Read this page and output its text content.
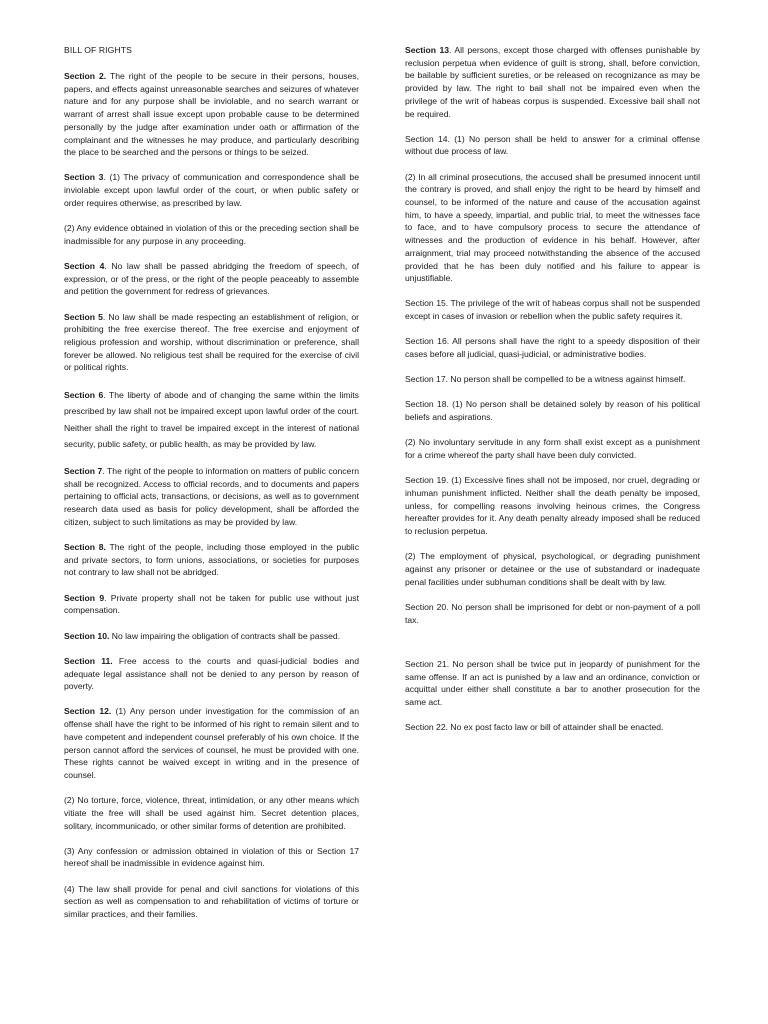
BILL OF RIGHTS

Section 2. The right of the people to be secure in their persons, houses, papers, and effects against unreasonable searches and seizures of whatever nature and for any purpose shall be inviolable, and no search warrant or warrant of arrest shall issue except upon probable cause to be determined personally by the judge after examination under oath or affirmation of the complainant and the witnesses he may produce, and particularly describing the place to be searched and the persons or things to be seized.

Section 3. (1) The privacy of communication and correspondence shall be inviolable except upon lawful order of the court, or when public safety or order requires otherwise, as prescribed by law.

(2) Any evidence obtained in violation of this or the preceding section shall be inadmissible for any purpose in any proceeding.

Section 4. No law shall be passed abridging the freedom of speech, of expression, or of the press, or the right of the people peaceably to assemble and petition the government for redress of grievances.

Section 5. No law shall be made respecting an establishment of religion, or prohibiting the free exercise thereof. The free exercise and enjoyment of religious profession and worship, without discrimination or preference, shall forever be allowed. No religious test shall be required for the exercise of civil or political rights.

Section 6. The liberty of abode and of changing the same within the limits prescribed by law shall not be impaired except upon lawful order of the court. Neither shall the right to travel be impaired except in the interest of national security, public safety, or public health, as may be provided by law.

Section 7. The right of the people to information on matters of public concern shall be recognized. Access to official records, and to documents and papers pertaining to official acts, transactions, or decisions, as well as to government research data used as basis for policy development, shall be afforded the citizen, subject to such limitations as may be provided by law.

Section 8. The right of the people, including those employed in the public and private sectors, to form unions, associations, or societies for purposes not contrary to law shall not be abridged.

Section 9. Private property shall not be taken for public use without just compensation.

Section 10. No law impairing the obligation of contracts shall be passed.

Section 11. Free access to the courts and quasi-judicial bodies and adequate legal assistance shall not be denied to any person by reason of poverty.

Section 12. (1) Any person under investigation for the commission of an offense shall have the right to be informed of his right to remain silent and to have competent and independent counsel preferably of his own choice. If the person cannot afford the services of counsel, he must be provided with one. These rights cannot be waived except in writing and in the presence of counsel.

(2) No torture, force, violence, threat, intimidation, or any other means which vitiate the free will shall be used against him. Secret detention places, solitary, incommunicado, or other similar forms of detention are prohibited.

(3) Any confession or admission obtained in violation of this or Section 17 hereof shall be inadmissible in evidence against him.

(4) The law shall provide for penal and civil sanctions for violations of this section as well as compensation to and rehabilitation of victims of torture or similar practices, and their families.

Section 13. All persons, except those charged with offenses punishable by reclusion perpetua when evidence of guilt is strong, shall, before conviction, be bailable by sufficient sureties, or be released on recognizance as may be provided by law. The right to bail shall not be impaired even when the privilege of the writ of habeas corpus is suspended. Excessive bail shall not be required.

Section 14. (1) No person shall be held to answer for a criminal offense without due process of law.

(2) In all criminal prosecutions, the accused shall be presumed innocent until the contrary is proved, and shall enjoy the right to be heard by himself and counsel, to be informed of the nature and cause of the accusation against him, to have a speedy, impartial, and public trial, to meet the witnesses face to face, and to have compulsory process to secure the attendance of witnesses and the production of evidence in his behalf. However, after arraignment, trial may proceed notwithstanding the absence of the accused provided that he has been duly notified and his failure to appear is unjustifiable.

Section 15. The privilege of the writ of habeas corpus shall not be suspended except in cases of invasion or rebellion when the public safety requires it.

Section 16. All persons shall have the right to a speedy disposition of their cases before all judicial, quasi-judicial, or administrative bodies.

Section 17. No person shall be compelled to be a witness against himself.

Section 18. (1) No person shall be detained solely by reason of his political beliefs and aspirations.

(2) No involuntary servitude in any form shall exist except as a punishment for a crime whereof the party shall have been duly convicted.

Section 19. (1) Excessive fines shall not be imposed, nor cruel, degrading or inhuman punishment inflicted. Neither shall the death penalty be imposed, unless, for compelling reasons involving heinous crimes, the Congress hereafter provides for it. Any death penalty already imposed shall be reduced to reclusion perpetua.

(2) The employment of physical, psychological, or degrading punishment against any prisoner or detainee or the use of substandard or inadequate penal facilities under subhuman conditions shall be dealt with by law.

Section 20. No person shall be imprisoned for debt or non-payment of a poll tax.

Section 21. No person shall be twice put in jeopardy of punishment for the same offense. If an act is punished by a law and an ordinance, conviction or acquittal under either shall constitute a bar to another prosecution for the same act.

Section 22. No ex post facto law or bill of attainder shall be enacted.
